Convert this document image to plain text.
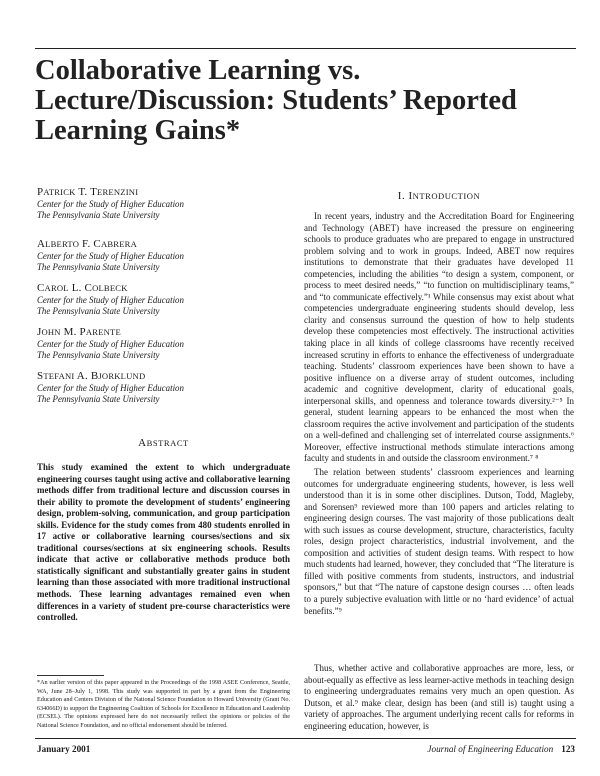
Collaborative Learning vs. Lecture/Discussion: Students’ Reported Learning Gains*
PATRICK T. TERENZINI
Center for the Study of Higher Education
The Pennsylvania State University
ALBERTO F. CABRERA
Center for the Study of Higher Education
The Pennsylvania State University
CAROL L. COLBECK
Center for the Study of Higher Education
The Pennsylvania State University
JOHN M. PARENTE
Center for the Study of Higher Education
The Pennsylvania State University
STEFANI A. BJORKLUND
Center for the Study of Higher Education
The Pennsylvania State University
ABSTRACT

This study examined the extent to which undergraduate engineering courses taught using active and collaborative learning methods differ from traditional lecture and discussion courses in their ability to promote the development of students’ engineering design, problem-solving, communication, and group participation skills. Evidence for the study comes from 480 students enrolled in 17 active or collaborative learning courses/sections and six traditional courses/sections at six engineering schools. Results indicate that active or collaborative methods produce both statistically significant and substantially greater gains in student learning than those associated with more traditional instructional methods. These learning advantages remained even when differences in a variety of student pre-course characteristics were controlled.

*An earlier version of this paper appeared in the Proceedings of the 1998 ASEE Conference, Seattle, WA, June 28–July 1, 1998. This study was supported in part by a grant from the Engineering Education and Centers Division of the National Science Foundation to Howard University (Grant No. 634066D) to support the Engineering Coalition of Schools for Excellence in Education and Leadership (ECSEL). The opinions expressed here do not necessarily reflect the opinions or policies of the National Science Foundation, and no official endorsement should be inferred.

I. INTRODUCTION

In recent years, industry and the Accreditation Board for Engineering and Technology (ABET) have increased the pressure on engineering schools to produce graduates who are prepared to engage in unstructured problem solving and to work in groups. Indeed, ABET now requires institutions to demonstrate that their graduates have developed 11 competencies, including the abilities “to design a system, component, or process to meet desired needs,” “to function on multidisciplinary teams,” and “to communicate effectively.”¹ While consensus may exist about what competencies undergraduate engineering students should develop, less clarity and consensus surround the question of how to help students develop these competencies most effectively. The instructional activities taking place in all kinds of college classrooms have recently received increased scrutiny in efforts to enhance the effectiveness of undergraduate teaching. Students’ classroom experiences have been shown to have a positive influence on a diverse array of student outcomes, including academic and cognitive development, clarity of educational goals, interpersonal skills, and openness and tolerance towards diversity.²⁻⁵ In general, student learning appears to be enhanced the most when the classroom requires the active involvement and participation of the students on a well-defined and challenging set of interrelated course assignments.⁶ Moreover, effective instructional methods stimulate interactions among faculty and students in and outside the classroom environment.⁷ ⁸

The relation between students’ classroom experiences and learning outcomes for undergraduate engineering students, however, is less well understood than it is in some other disciplines. Dutson, Todd, Magleby, and Sorensen⁹ reviewed more than 100 papers and articles relating to engineering design courses. The vast majority of those publications dealt with such issues as course development, structure, characteristics, faculty roles, design project characteristics, industrial involvement, and the composition and activities of student design teams. With respect to how much students had learned, however, they concluded that “The literature is filled with positive comments from students, instructors, and industrial sponsors,” but that “The nature of capstone design courses … often leads to a purely subjective evaluation with little or no ‘hard evidence’ of actual benefits.”⁹

Thus, whether active and collaborative approaches are more, less, or about-equally as effective as less learner-active methods in teaching design to engineering undergraduates remains very much an open question. As Dutson, et al.⁹ make clear, design has been (and still is) taught using a variety of approaches. The argument underlying recent calls for reforms in engineering education, however, is

January 2001	Journal of Engineering Education 123
